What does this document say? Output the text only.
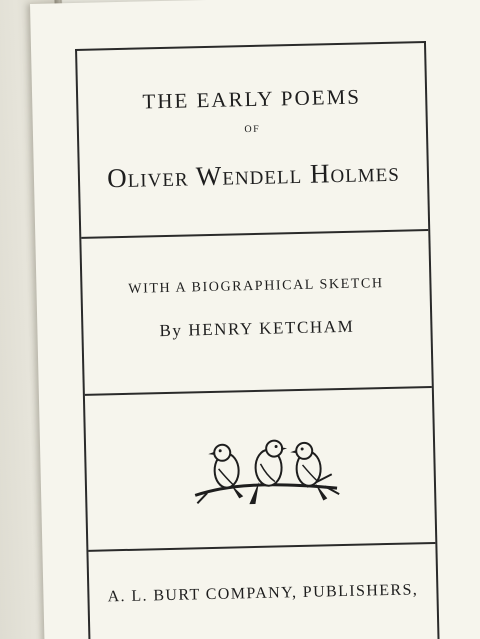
THE EARLY POEMS
OF
Oliver Wendell Holmes
WITH A BIOGRAPHICAL SKETCH
By HENRY KETCHAM
A. L. BURT COMPANY, PUBLISHERS,
